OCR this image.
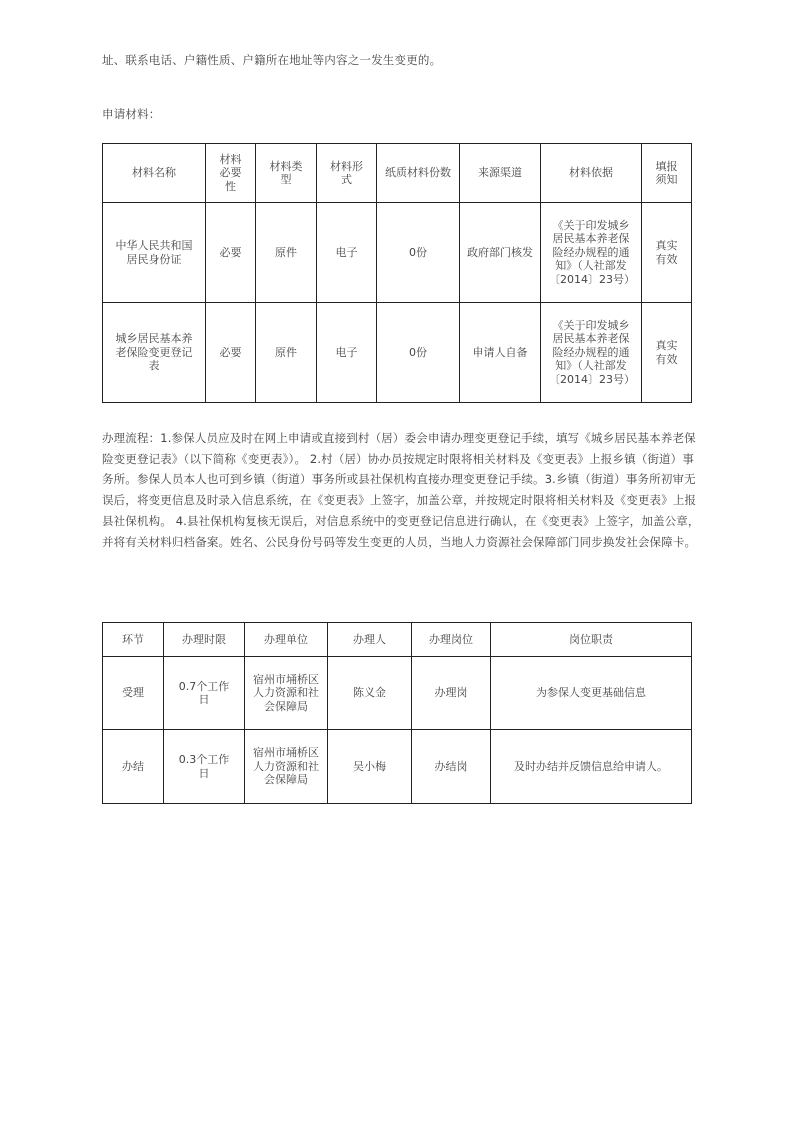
址、联系电话、户籍性质、户籍所在地址等内容之一发生变更的。
申请材料：
材料名称	材料必要性	材料类型	材料形式	纸质材料份数	来源渠道	材料依据	填报须知
中华人民共和国居民身份证	必要	原件	电子	0份	政府部门核发	《关于印发城乡居民基本养老保险经办规程的通知》（人社部发〔2014〕23号）	真实有效
城乡居民基本养老保险变更登记表	必要	原件	电子	0份	申请人自备	《关于印发城乡居民基本养老保险经办规程的通知》（人社部发〔2014〕23号）	真实有效
办理流程：1.参保人员应及时在网上申请或直接到村（居）委会申请办理变更登记手续，填写《城乡居民基本养老保险变更登记表》（以下简称《变更表》）。 2.村（居）协办员按规定时限将相关材料及《变更表》上报乡镇（街道）事务所。参保人员本人也可到乡镇（街道）事务所或县社保机构直接办理变更登记手续。3.乡镇（街道）事务所初审无误后，将变更信息及时录入信息系统，在《变更表》上签字，加盖公章，并按规定时限将相关材料及《变更表》上报县社保机构。 4.县社保机构复核无误后，对信息系统中的变更登记信息进行确认，在《变更表》上签字，加盖公章，并将有关材料归档备案。姓名、公民身份号码等发生变更的人员，当地人力资源社会保障部门同步换发社会保障卡。
环节	办理时限	办理单位	办理人	办理岗位	岗位职责
受理	0.7个工作日	宿州市埇桥区人力资源和社会保障局	陈义金	办理岗	为参保人变更基础信息
办结	0.3个工作日	宿州市埇桥区人力资源和社会保障局	吴小梅	办结岗	及时办结并反馈信息给申请人。
